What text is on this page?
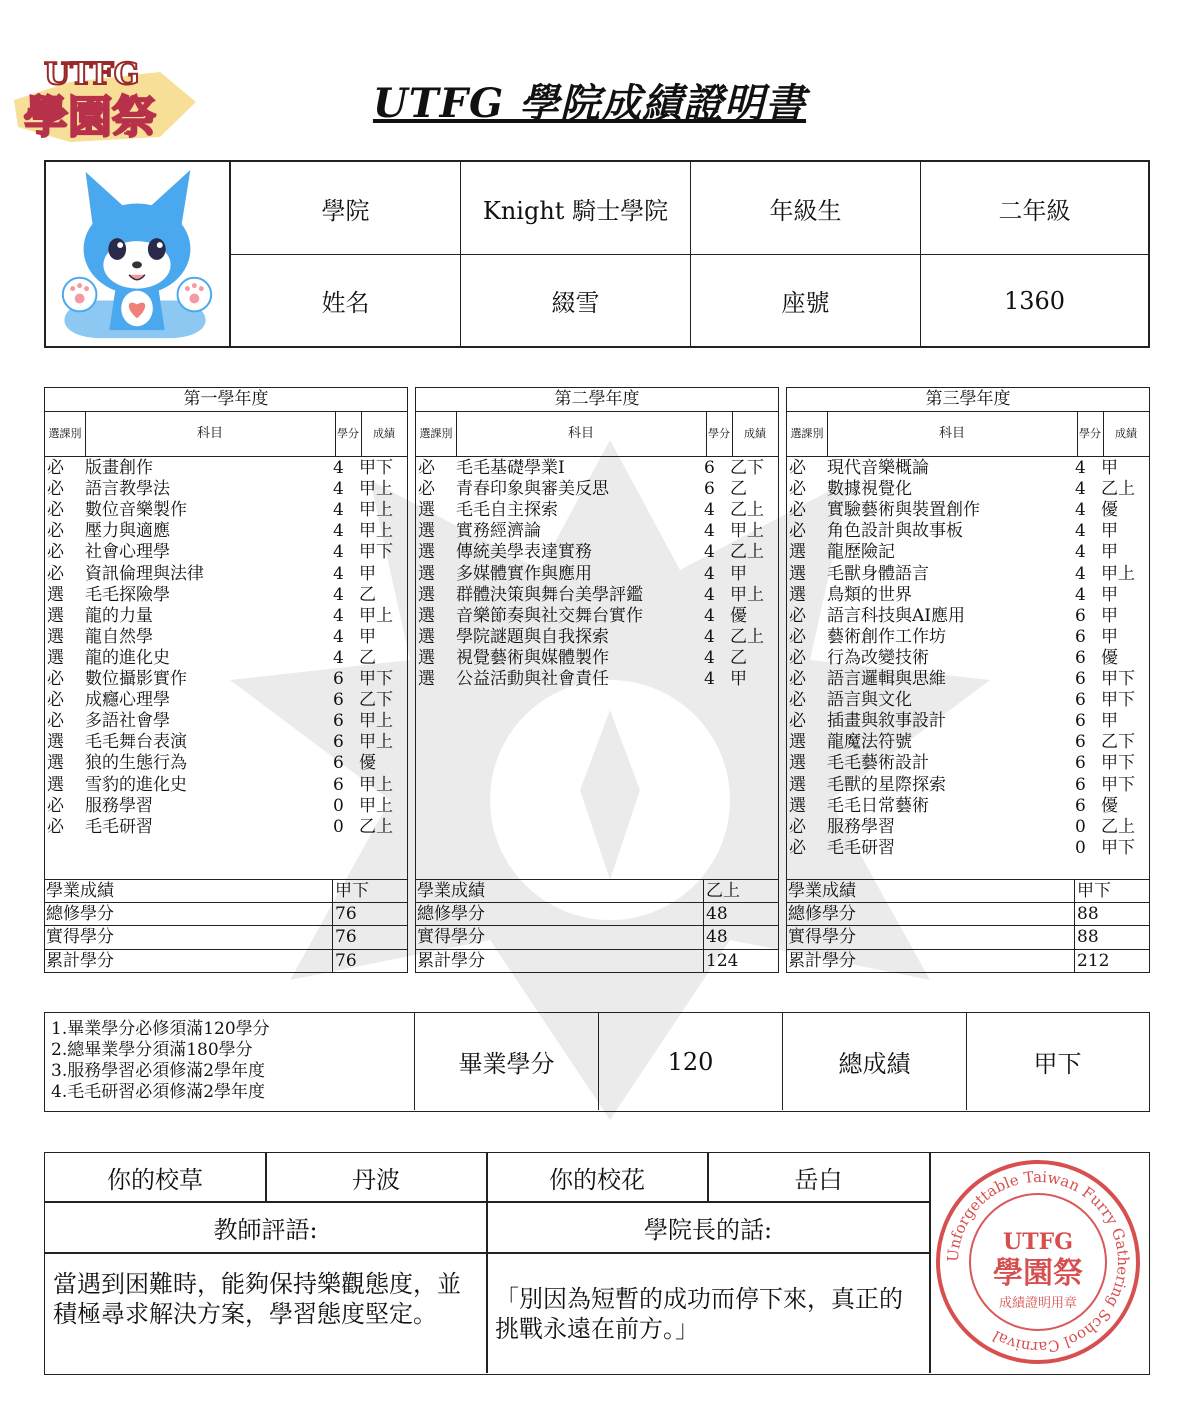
UTFG
學園祭	UTFG 學院成績證明書
學院	Knight 騎士學院	年級生	二年級
姓名	綴雪	座號	1360
第一學年度
選課別	科目	學分	成績
必 版畫創作	4 甲下
必 語言教學法	4 甲上
必 數位音樂製作	4 甲上
必 壓力與適應	4 甲上
必 社會心理學	4 甲下
必 資訊倫理與法律	4 甲
選 毛毛探險學	4 乙
選 龍的力量	4 甲上
選 龍自然學	4 甲
選 龍的進化史	4 乙
必 數位攝影實作	6 甲下
必 成癮心理學	6 乙下
必 多語社會學	6 甲上
選 毛毛舞台表演	6 甲上
選 狼的生態行為	6 優
選 雪豹的進化史	6 甲上
必 服務學習	0 甲上
必 毛毛研習	0 乙上
學業成績	甲下
總修學分	76
實得學分	76
累計學分	76
第二學年度
選課別	科目	學分	成績
必 毛毛基礎學業I	6 乙下
必 青春印象與審美反思	6 乙
選 毛毛自主探索	4 乙上
選 實務經濟論	4 甲上
選 傳統美學表達實務	4 乙上
選 多媒體實作與應用	4 甲
選 群體決策與舞台美學評鑑	4 甲上
選 音樂節奏與社交舞台實作	4 優
選 學院謎題與自我探索	4 乙上
選 視覺藝術與媒體製作	4 乙
選 公益活動與社會責任	4 甲
學業成績	乙上
總修學分	48
實得學分	48
累計學分	124
第三學年度
選課別	科目	學分	成績
必 現代音樂概論	4 甲
必 數據視覺化	4 乙上
必 實驗藝術與裝置創作	4 優
必 角色設計與故事板	4 甲
選 龍歷險記	4 甲
選 毛獸身體語言	4 甲上
選 鳥類的世界	4 甲
必 語言科技與AI應用	6 甲
必 藝術創作工作坊	6 甲
必 行為改變技術	6 優
必 語言邏輯與思維	6 甲下
必 語言與文化	6 甲下
必 插畫與敘事設計	6 甲
選 龍魔法符號	6 乙下
選 毛毛藝術設計	6 甲下
選 毛獸的星際探索	6 甲下
選 毛毛日常藝術	6 優
必 服務學習	0 乙上
必 毛毛研習	0 甲下
學業成績	甲下
總修學分	88
實得學分	88
累計學分	212
1.畢業學分必修須滿120學分
2.總畢業學分須滿180學分
3.服務學習必須修滿2學年度
4.毛毛研習必須修滿2學年度
畢業學分	120	總成績	甲下
你的校草	丹波	你的校花	岳白
教師評語:	學院長的話:
當遇到困難時，能夠保持樂觀態度，並積極尋求解決方案，學習態度堅定。
「別因為短暫的成功而停下來，真正的挑戰永遠在前方。」
Unforgettable Taiwan Furry Gathering School Carnival
UTFG
學園祭
成績證明用章
